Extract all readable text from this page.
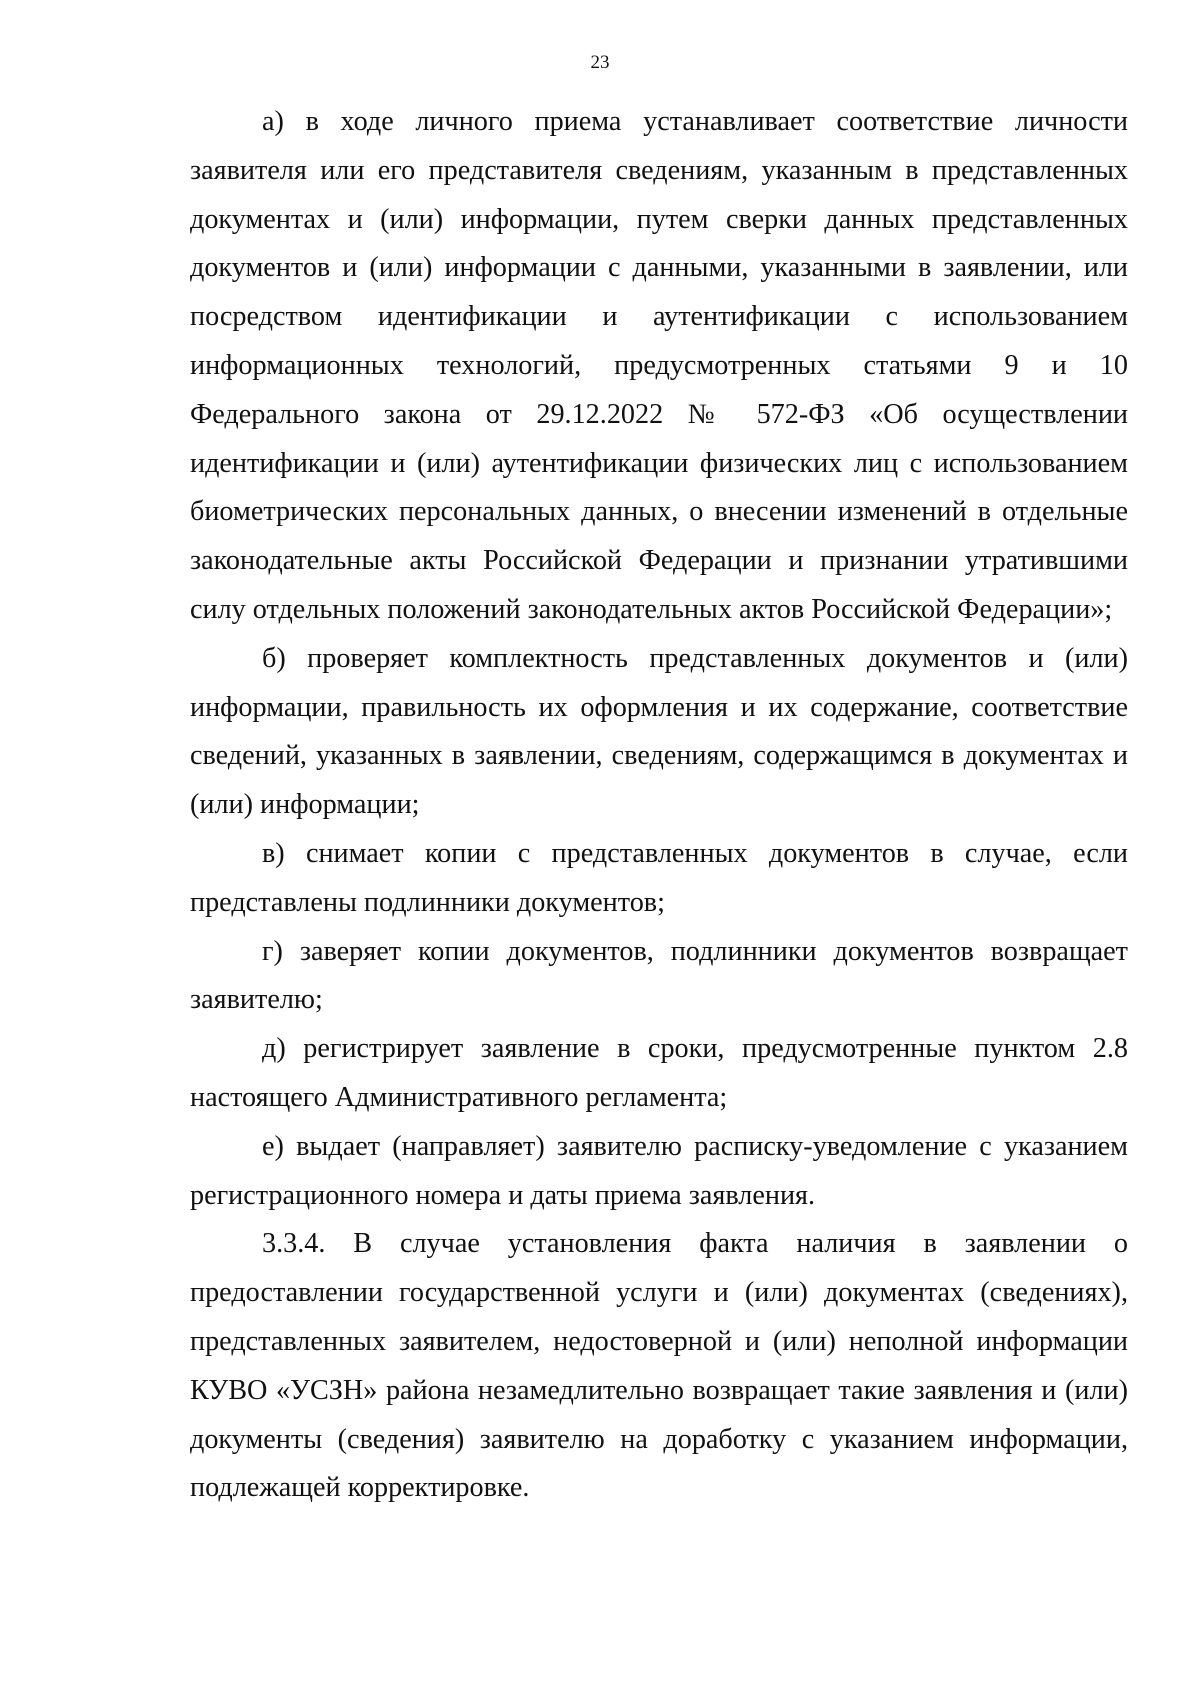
23

а) в ходе личного приема устанавливает соответствие личности заявителя или его представителя сведениям, указанным в представленных документах и (или) информации, путем сверки данных представленных документов и (или) информации с данными, указанными в заявлении, или посредством идентификации и аутентификации с использованием информационных технологий, предусмотренных статьями 9 и 10 Федерального закона от 29.12.2022 № 572-ФЗ «Об осуществлении идентификации и (или) аутентификации физических лиц с использованием биометрических персональных данных, о внесении изменений в отдельные законодательные акты Российской Федерации и признании утратившими силу отдельных положений законодательных актов Российской Федерации»;

б) проверяет комплектность представленных документов и (или) информации, правильность их оформления и их содержание, соответствие сведений, указанных в заявлении, сведениям, содержащимся в документах и (или) информации;

в) снимает копии с представленных документов в случае, если представлены подлинники документов;

г) заверяет копии документов, подлинники документов возвращает заявителю;

д) регистрирует заявление в сроки, предусмотренные пунктом 2.8 настоящего Административного регламента;

е) выдает (направляет) заявителю расписку-уведомление с указанием регистрационного номера и даты приема заявления.

3.3.4. В случае установления факта наличия в заявлении о предоставлении государственной услуги и (или) документах (сведениях), представленных заявителем, недостоверной и (или) неполной информации КУВО «УСЗН» района незамедлительно возвращает такие заявления и (или) документы (сведения) заявителю на доработку с указанием информации, подлежащей корректировке.
